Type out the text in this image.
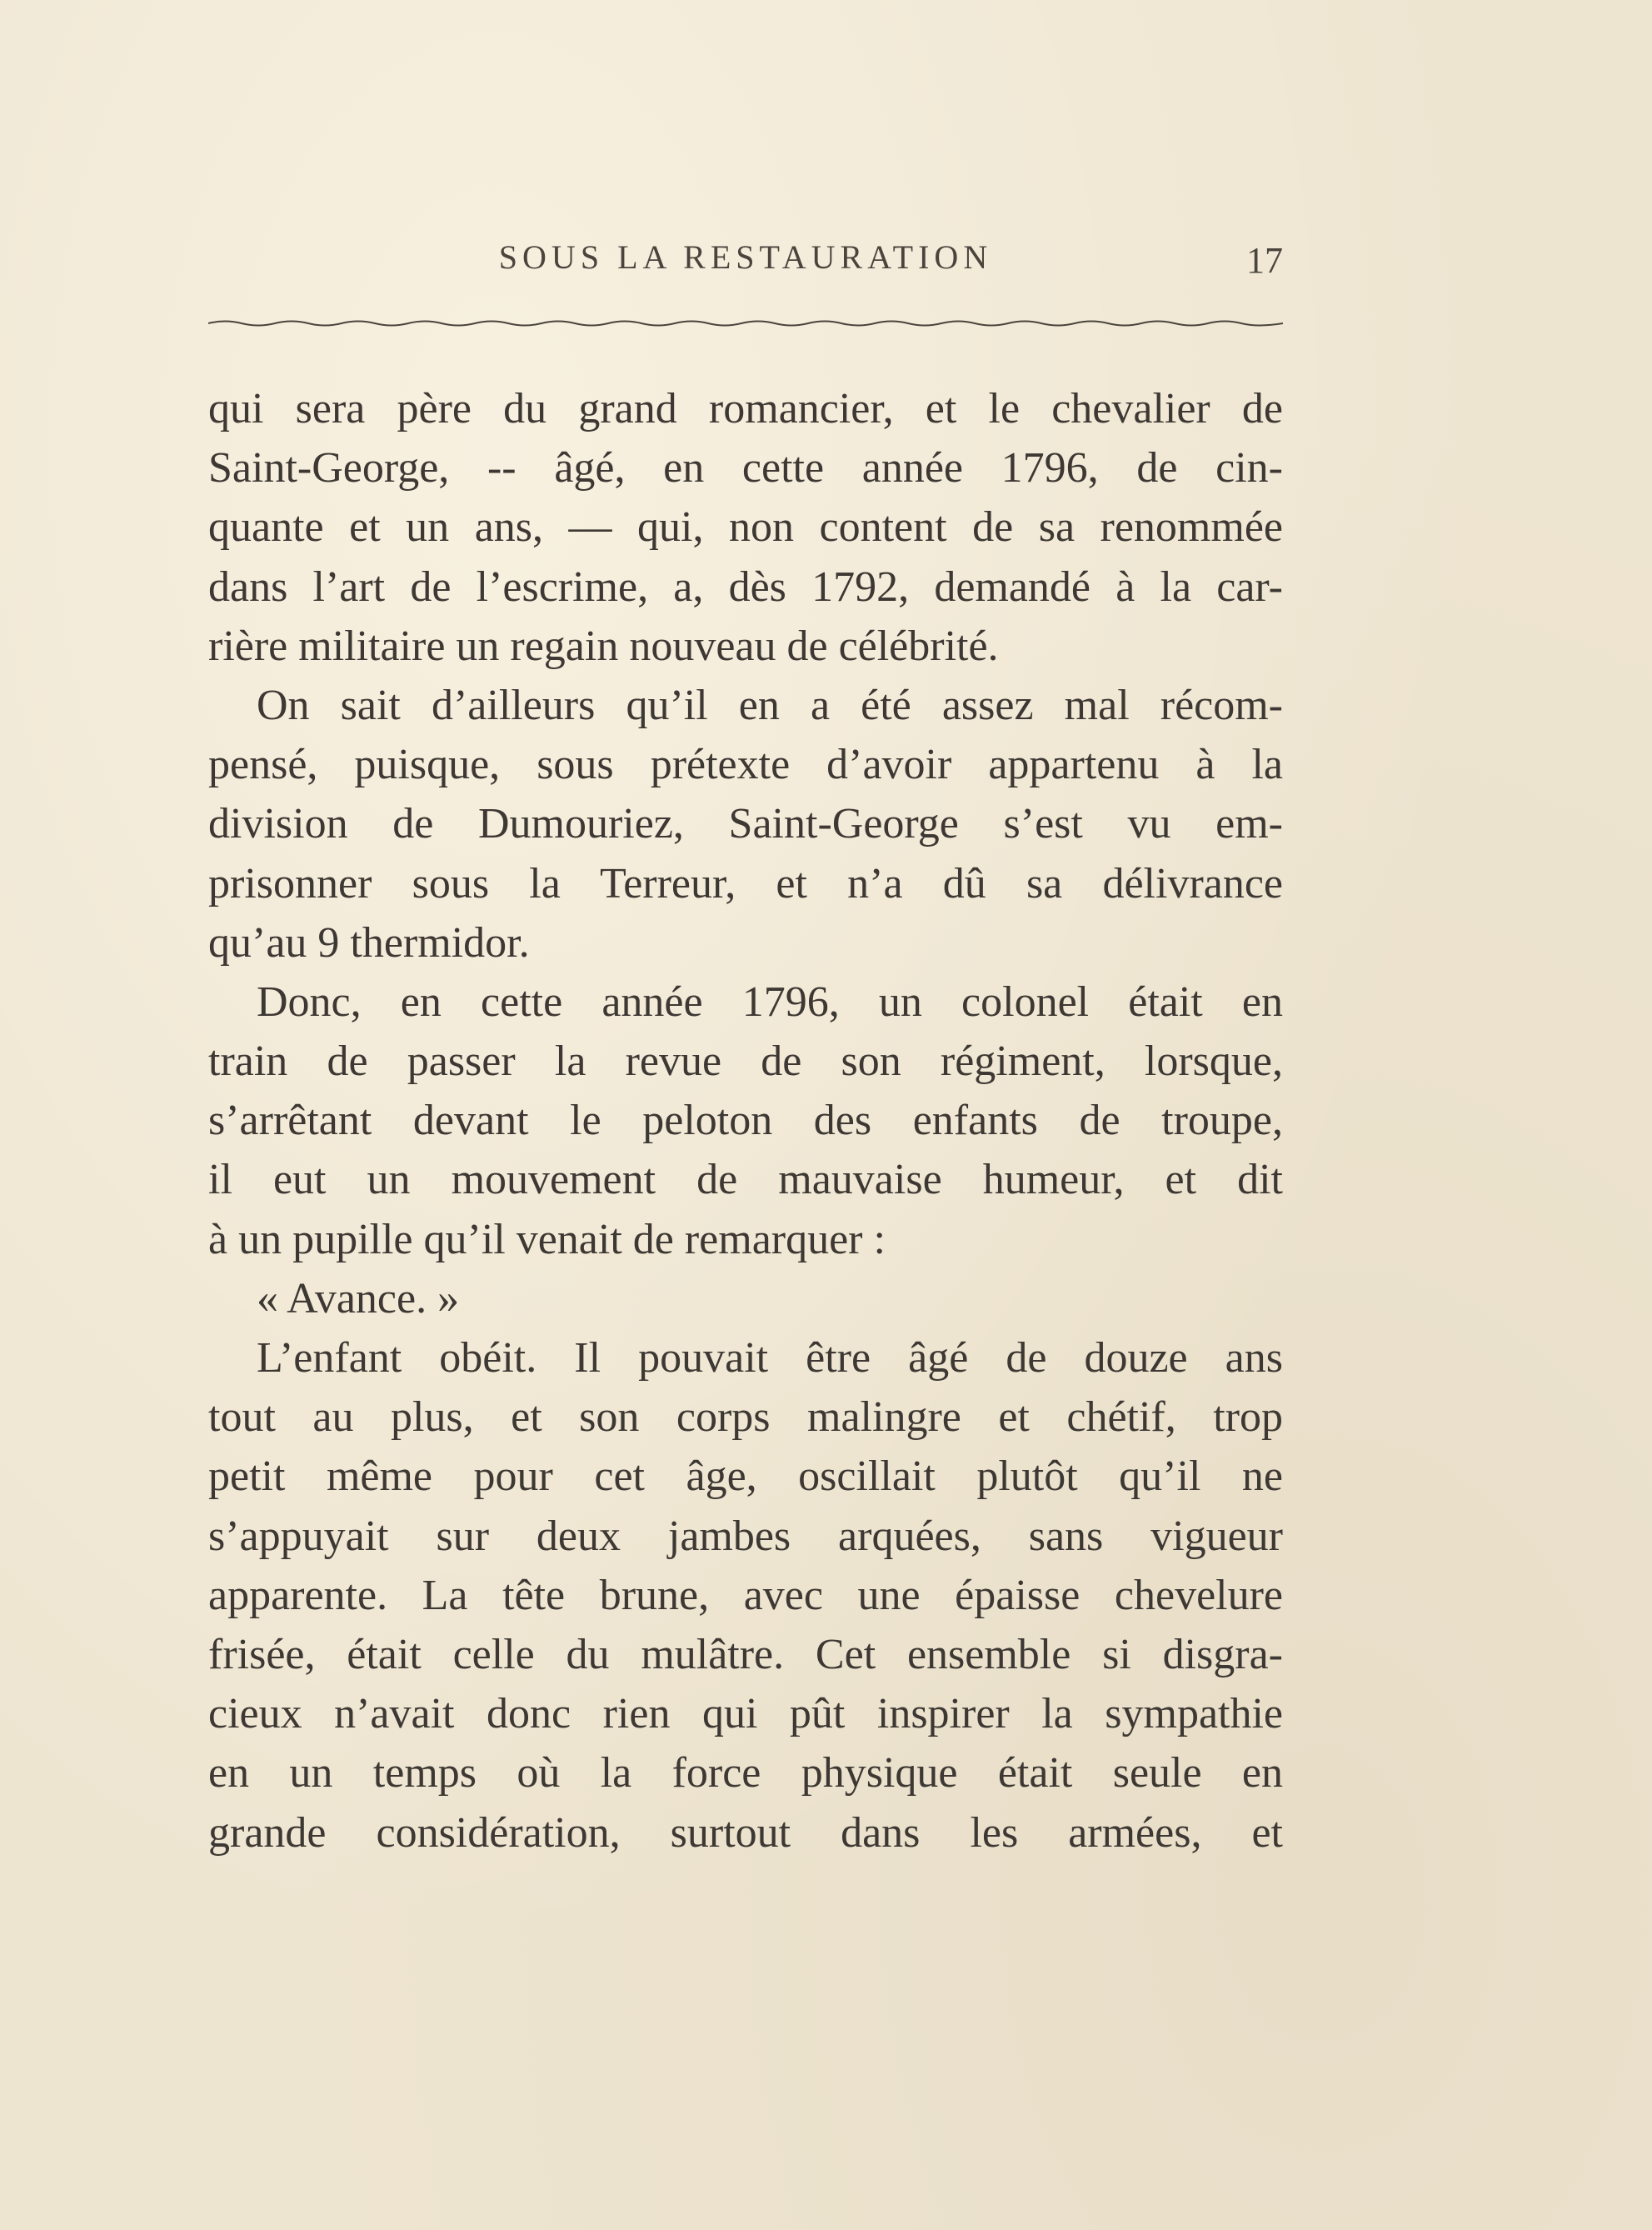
SOUS LA RESTAURATION	17
qui sera père du grand romancier, et le chevalier de
Saint-George, -- âgé, en cette année 1796, de cin-
quante et un ans, — qui, non content de sa renommée
dans l’art de l’escrime, a, dès 1792, demandé à la car-
rière militaire un regain nouveau de célébrité.
On sait d’ailleurs qu’il en a été assez mal récom-
pensé, puisque, sous prétexte d’avoir appartenu à la
division de Dumouriez, Saint-George s’est vu em-
prisonner sous la Terreur, et n’a dû sa délivrance
qu’au 9 thermidor.
Donc, en cette année 1796, un colonel était en
train de passer la revue de son régiment, lorsque,
s’arrêtant devant le peloton des enfants de troupe,
il eut un mouvement de mauvaise humeur, et dit
à un pupille qu’il venait de remarquer :
« Avance. »
L’enfant obéit. Il pouvait être âgé de douze ans
tout au plus, et son corps malingre et chétif, trop
petit même pour cet âge, oscillait plutôt qu’il ne
s’appuyait sur deux jambes arquées, sans vigueur
apparente. La tête brune, avec une épaisse chevelure
frisée, était celle du mulâtre. Cet ensemble si disgra-
cieux n’avait donc rien qui pût inspirer la sympathie
en un temps où la force physique était seule en
grande considération, surtout dans les armées, et
